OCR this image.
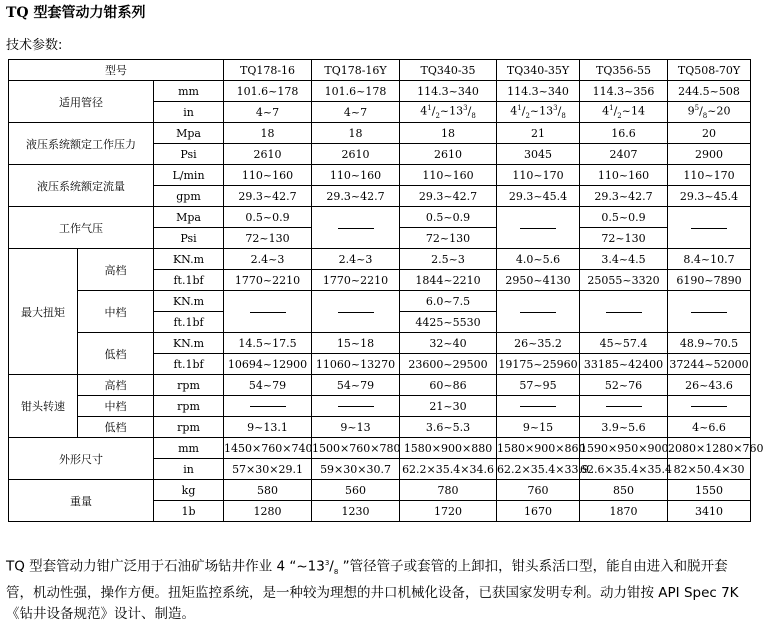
TQ 型套管动力钳系列
技术参数:
型号			TQ178-16	TQ178-16Y	TQ340-35	TQ340-35Y	TQ356-55	TQ508-70Y
适用管径		mm	101.6~178	101.6~178	114.3~340	114.3~340	114.3~356	244.5~508
		in	4~7	4~7	$4^1/_2\sim 13^3/_8$	$4^1/_2\sim 13^3/_8$	$4^1/_2\sim 14$	$9^5/_8\sim 20$
液压系统额定工作压力		Mpa	18	18	18	21	16.6	20
		Psi	2610	2610	2610	3045	2407	2900
液压系统额定流量		L/min	110~160	110~160	110~160	110~170	110~160	110~170
		gpm	29.3~42.7	29.3~42.7	29.3~42.7	29.3~45.4	29.3~42.7	29.3~45.4
工作气压		Mpa	0.5~0.9		0.5~0.9		0.5~0.9	
		Psi	72~130		72~130		72~130	
最大扭矩	高档	KN.m	2.4~3	2.4~3	2.5~3	4.0~5.6	3.4~4.5	8.4~10.7
		ft.1bf	1770~2210	1770~2210	1844~2210	2950~4130	25055~3320	6190~7890
	中档	KN.m			6.0~7.5			
		ft.1bf			4425~5530			
	低档	KN.m	14.5~17.5	15~18	32~40	26~35.2	45~57.4	48.9~70.5
		ft.1bf	10694~12900	11060~13270	23600~29500	19175~25960	33185~42400	37244~52000
钳头转速	高档	rpm	54~79	54~79	60~86	57~95	52~76	26~43.6
	中档	rpm			21~30			
	低档	rpm	9~13.1	9~13	3.6~5.3	9~15	3.9~5.6	4~6.6
外形尺寸		mm	1450×760×740	1500×760×780	1580×900×880	1580×900×860	1590×950×900	2080×1280×760
		in	57×30×29.1	59×30×30.7	62.2×35.4×34.6	62.2×35.4×33.9	62.6×35.4×35.4	82×50.4×30
重量		kg	580	560	780	760	850	1550
		1b	1280	1230	1720	1670	1870	3410
TQ 型套管动力钳广泛用于石油矿场钻井作业 4 “$\sim 13^3/_8$ ”管径管子或套管的上卸扣，钳头系活口型，能自由进入和脱开套管，机动性强，操作方便。扭矩监控系统，是一种较为理想的井口机械化设备，已获国家发明专利。动力钳按 API Spec 7K《钻井设备规范》设计、制造。
